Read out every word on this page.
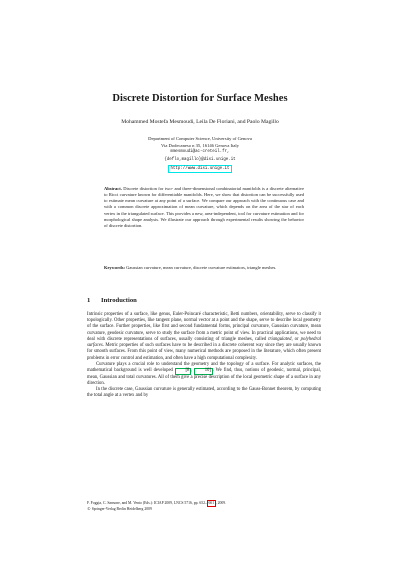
Discrete Distortion for Surface Meshes
Mohammed Mostefa Mesmoudi, Leila De Floriani, and Paolo Magillo
Department of Computer Science, University of Genova
Via Dodecaneso n 35, 16146 Genova Italy
mmesmoudi@ac-creteil.fr,
{deflo,magillo}@disi.unige.it
http://www.disi.unige.it
Abstract. Discrete distortion for two- and three-dimensional combinatorial manifolds is a discrete alternative to Ricci curvature known for differentiable manifolds. Here, we show that distortion can be successfully used to estimate mean curvature at any point of a surface. We compare our approach with the continuous case and with a common discrete approximation of mean curvature, which depends on the area of the star of each vertex in the triangulated surface. This provides a new, area-independent, tool for curvature estimation and for morphological shape analysis. We illustrate our approach through experimental results showing the behavior of discrete distortion.
Keywords: Gaussian curvature, mean curvature, discrete curvature estimators, triangle meshes.
1 Introduction

Intrinsic properties of a surface, like genus, Euler-Poincaré characteristic, Betti numbers, orientability, serve to classify it topologically. Other properties, like tangent plane, normal vector at a point and the shape, serve to describe local geometry of the surface. Further properties, like first and second fundamental forms, principal curvature, Gaussian curvature, mean curvature, geodesic curvature, serve to study the surface from a metric point of view. In practical applications, we need to deal with discrete representations of surfaces, usually consisting of triangle meshes, called triangulated, or polyhedral surfaces. Metric properties of such surfaces have to be described in a discrete coherent way since they are usually known for smooth surfaces. From this point of view, many numerical methods are proposed in the literature, which often present problems in error control and estimation, and often have a high computational complexity.

Curvature plays a crucial role to understand the geometry and the topology of a surface. For analytic surfaces, the mathematical background is well developed	[8 ,	10] . We find, thus, notions of geodesic, normal, principal, mean, Gaussian and total curvatures. All of them give a precise description of the local geometric shape of a surface in any direction.

In the discrete case, Gaussian curvature is generally estimated, according to the Gauss-Bonnet theorem, by computing the total angle at a vertex and by

F. Foggia, C. Sansone, and M. Vento (Eds.): ICIAP 2009, LNCS 5716, pp. 652– 661 , 2009.
© Springer-Verlag Berlin Heidelberg 2009
